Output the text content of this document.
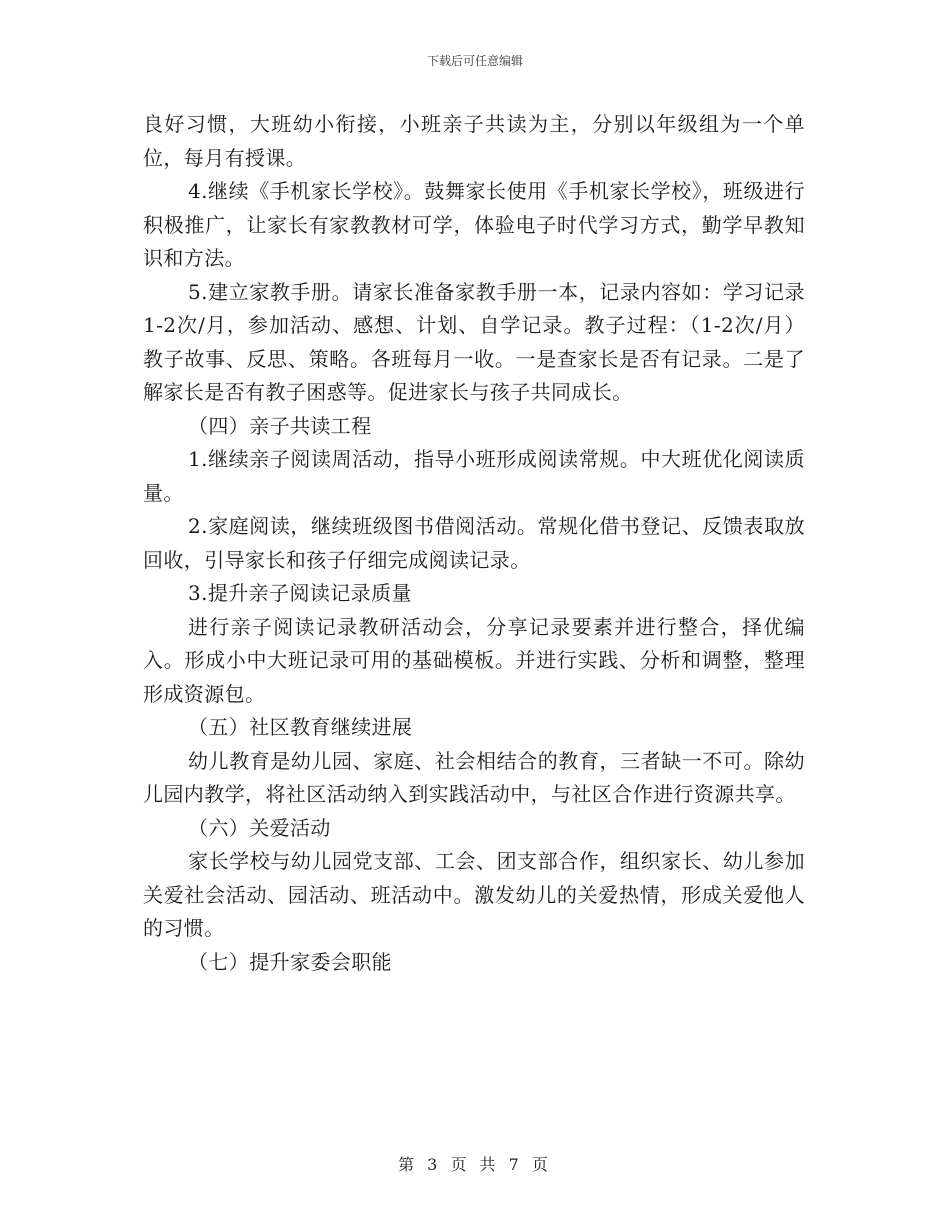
下载后可任意编辑

良好习惯，大班幼小衔接，小班亲子共读为主，分别以年级组为一个单位，每月有授课。

4.继续《手机家长学校》。鼓舞家长使用《手机家长学校》，班级进行积极推广，让家长有家教教材可学，体验电子时代学习方式，勤学早教知识和方法。

5.建立家教手册。请家长准备家教手册一本，记录内容如：学习记录1-2次/月，参加活动、感想、计划、自学记录。教子过程：（1-2次/月）教子故事、反思、策略。各班每月一收。一是查家长是否有记录。二是了解家长是否有教子困惑等。促进家长与孩子共同成长。

（四）亲子共读工程

1.继续亲子阅读周活动，指导小班形成阅读常规。中大班优化阅读质量。

2.家庭阅读，继续班级图书借阅活动。常规化借书登记、反馈表取放回收，引导家长和孩子仔细完成阅读记录。

3.提升亲子阅读记录质量

进行亲子阅读记录教研活动会，分享记录要素并进行整合，择优编入。形成小中大班记录可用的基础模板。并进行实践、分析和调整，整理形成资源包。

（五）社区教育继续进展

幼儿教育是幼儿园、家庭、社会相结合的教育，三者缺一不可。除幼儿园内教学，将社区活动纳入到实践活动中，与社区合作进行资源共享。

（六）关爱活动

家长学校与幼儿园党支部、工会、团支部合作，组织家长、幼儿参加关爱社会活动、园活动、班活动中。激发幼儿的关爱热情，形成关爱他人的习惯。

（七）提升家委会职能

第 3 页 共 7 页
